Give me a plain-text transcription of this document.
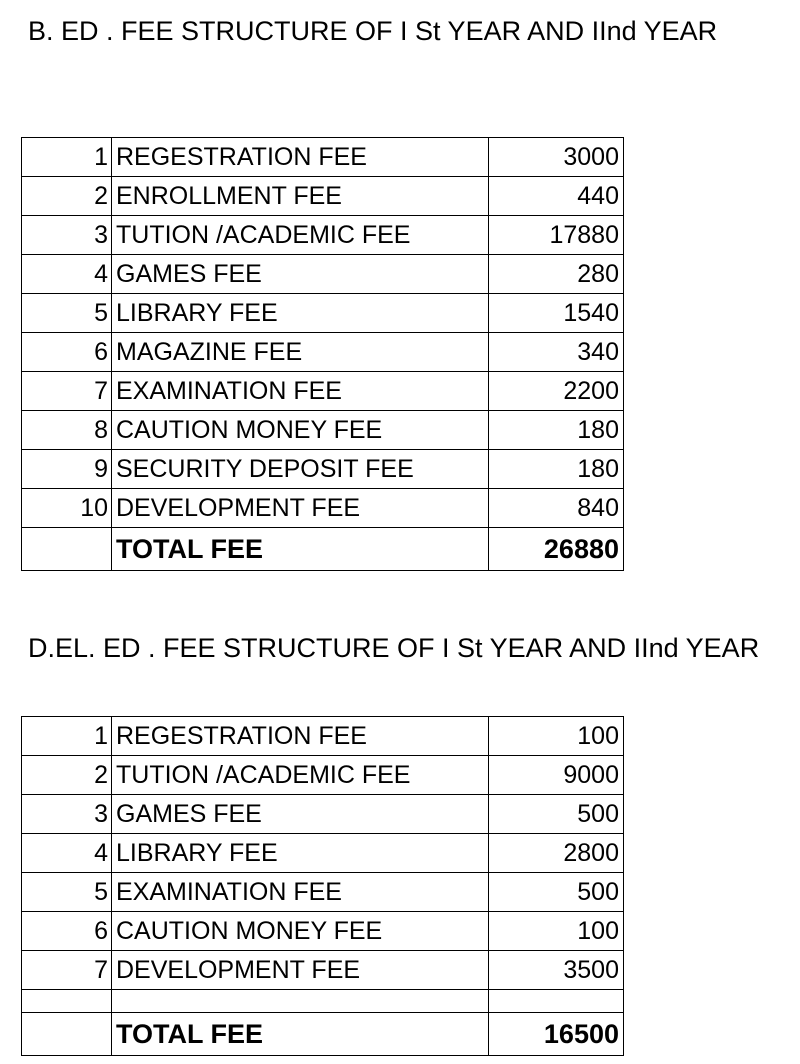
B. ED . FEE STRUCTURE OF I St YEAR AND IInd YEAR
1	REGESTRATION FEE	3000
2	ENROLLMENT FEE	440
3	TUTION /ACADEMIC FEE	17880
4	GAMES FEE	280
5	LIBRARY FEE	1540
6	MAGAZINE FEE	340
7	EXAMINATION FEE	2200
8	CAUTION MONEY FEE	180
9	SECURITY DEPOSIT FEE	180
10	DEVELOPMENT FEE	840
	TOTAL FEE	26880
D.EL. ED . FEE STRUCTURE OF I St YEAR AND IInd YEAR
1	REGESTRATION FEE	100
2	TUTION /ACADEMIC FEE	9000
3	GAMES FEE	500
4	LIBRARY FEE	2800
5	EXAMINATION FEE	500
6	CAUTION MONEY FEE	100
7	DEVELOPMENT FEE	3500

	TOTAL FEE	16500
